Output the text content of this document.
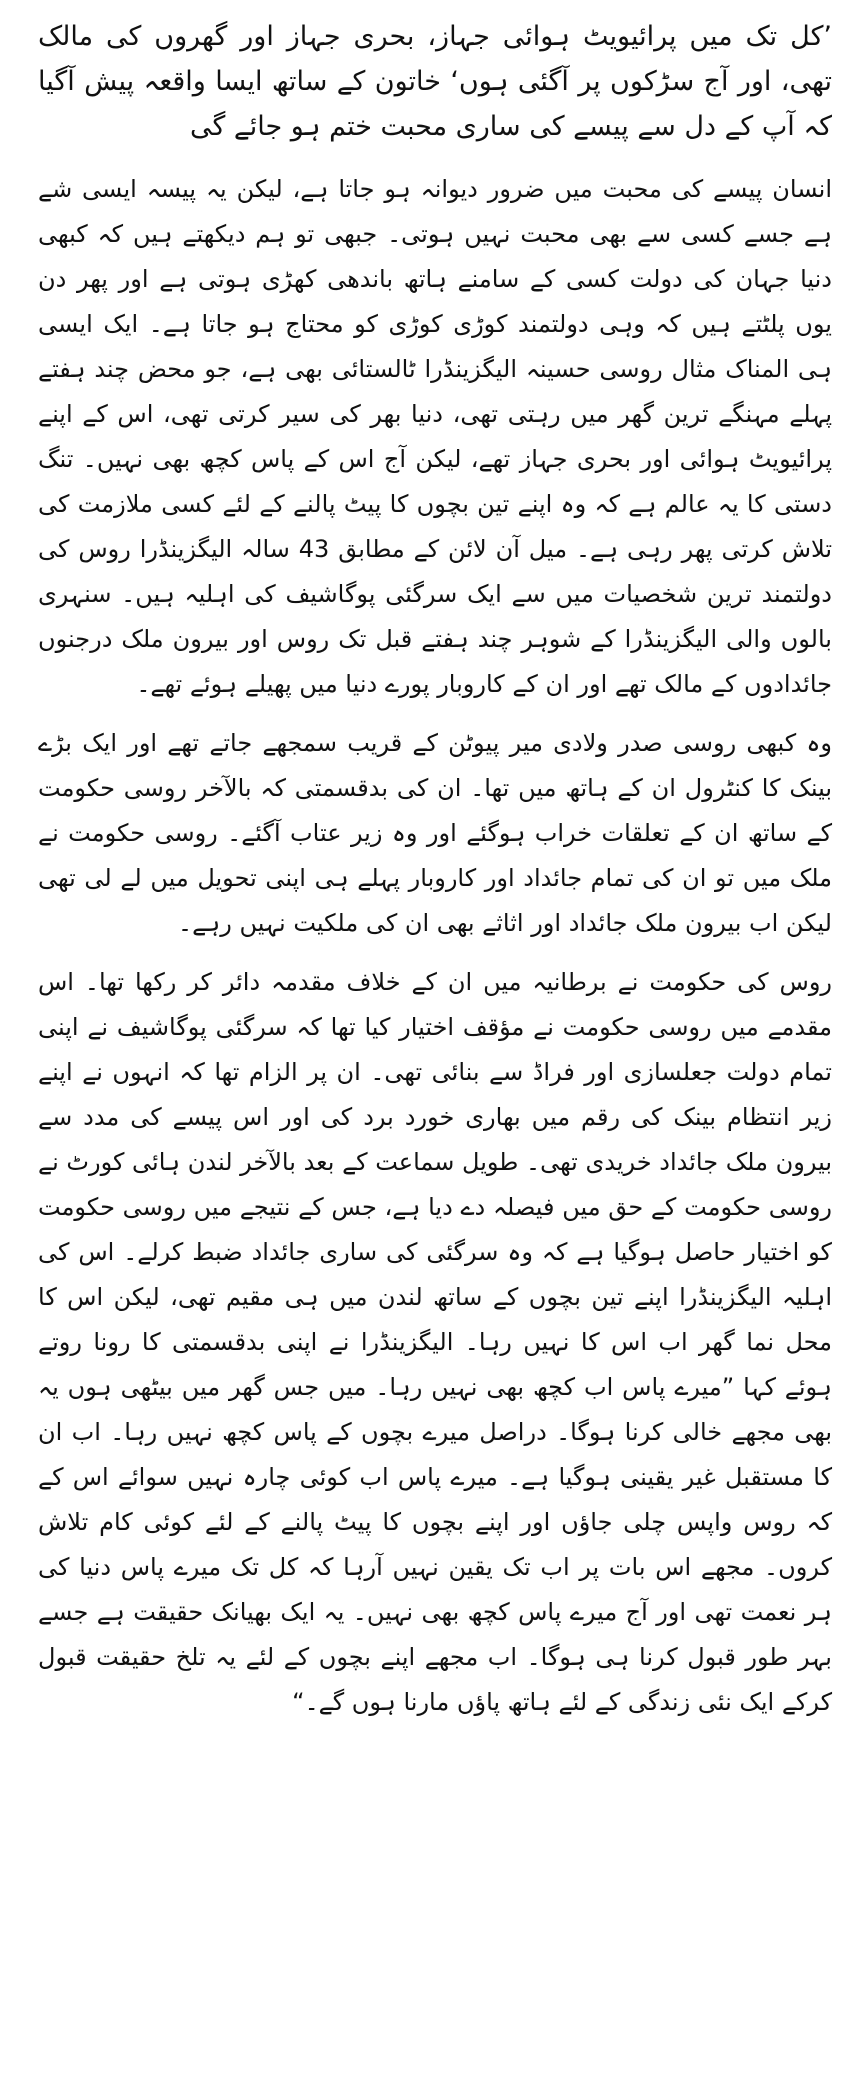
’کل تک میں پرائیویٹ ہوائی جہاز، بحری جہاز اور گھروں کی مالک تھی، اور آج سڑکوں پر آگئی ہوں‘ خاتون کے ساتھ ایسا واقعہ پیش آگیا کہ آپ کے دل سے پیسے کی ساری محبت ختم ہو جائے گی

انسان پیسے کی محبت میں ضرور دیوانہ ہو جاتا ہے، لیکن یہ پیسہ ایسی شے ہے جسے کسی سے بھی محبت نہیں ہوتی۔ جبھی تو ہم دیکھتے ہیں کہ کبھی دنیا جہان کی دولت کسی کے سامنے ہاتھ باندھی کھڑی ہوتی ہے اور پھر دن یوں پلٹتے ہیں کہ وہی دولتمند کوڑی کوڑی کو محتاج ہو جاتا ہے۔ ایک ایسی ہی المناک مثال روسی حسینہ الیگزینڈرا ٹالستائی بھی ہے، جو محض چند ہفتے پہلے مہنگے ترین گھر میں رہتی تھی، دنیا بھر کی سیر کرتی تھی، اس کے اپنے پرائیویٹ ہوائی اور بحری جہاز تھے، لیکن آج اس کے پاس کچھ بھی نہیں۔ تنگ دستی کا یہ عالم ہے کہ وہ اپنے تین بچوں کا پیٹ پالنے کے لئے کسی ملازمت کی تلاش کرتی پھر رہی ہے۔ میل آن لائن کے مطابق 43 سالہ الیگزینڈرا روس کی دولتمند ترین شخصیات میں سے ایک سرگئی پوگاشیف کی اہلیہ ہیں۔ سنہری بالوں والی الیگزینڈرا کے شوہر چند ہفتے قبل تک روس اور بیرون ملک درجنوں جائدادوں کے مالک تھے اور ان کے کاروبار پورے دنیا میں پھیلے ہوئے تھے۔

وہ کبھی روسی صدر ولادی میر پیوٹن کے قریب سمجھے جاتے تھے اور ایک بڑے بینک کا کنٹرول ان کے ہاتھ میں تھا۔ ان کی بدقسمتی کہ بالآخر روسی حکومت کے ساتھ ان کے تعلقات خراب ہوگئے اور وہ زیر عتاب آگئے۔ روسی حکومت نے ملک میں تو ان کی تمام جائداد اور کاروبار پہلے ہی اپنی تحویل میں لے لی تھی لیکن اب بیرون ملک جائداد اور اثاثے بھی ان کی ملکیت نہیں رہے۔

روس کی حکومت نے برطانیہ میں ان کے خلاف مقدمہ دائر کر رکھا تھا۔ اس مقدمے میں روسی حکومت نے مؤقف اختیار کیا تھا کہ سرگئی پوگاشیف نے اپنی تمام دولت جعلسازی اور فراڈ سے بنائی تھی۔ ان پر الزام تھا کہ انہوں نے اپنے زیر انتظام بینک کی رقم میں بھاری خورد برد کی اور اس پیسے کی مدد سے بیرون ملک جائداد خریدی تھی۔ طویل سماعت کے بعد بالآخر لندن ہائی کورٹ نے روسی حکومت کے حق میں فیصلہ دے دیا ہے، جس کے نتیجے میں روسی حکومت کو اختیار حاصل ہوگیا ہے کہ وہ سرگئی کی ساری جائداد ضبط کرلے۔ اس کی اہلیہ الیگزینڈرا اپنے تین بچوں کے ساتھ لندن میں ہی مقیم تھی، لیکن اس کا محل نما گھر اب اس کا نہیں رہا۔ الیگزینڈرا نے اپنی بدقسمتی کا رونا روتے ہوئے کہا ”میرے پاس اب کچھ بھی نہیں رہا۔ میں جس گھر میں بیٹھی ہوں یہ بھی مجھے خالی کرنا ہوگا۔ دراصل میرے بچوں کے پاس کچھ نہیں رہا۔ اب ان کا مستقبل غیر یقینی ہوگیا ہے۔ میرے پاس اب کوئی چارہ نہیں سوائے اس کے کہ روس واپس چلی جاؤں اور اپنے بچوں کا پیٹ پالنے کے لئے کوئی کام تلاش کروں۔ مجھے اس بات پر اب تک یقین نہیں آرہا کہ کل تک میرے پاس دنیا کی ہر نعمت تھی اور آج میرے پاس کچھ بھی نہیں۔ یہ ایک بھیانک حقیقت ہے جسے بہر طور قبول کرنا ہی ہوگا۔ اب مجھے اپنے بچوں کے لئے یہ تلخ حقیقت قبول کرکے ایک نئی زندگی کے لئے ہاتھ پاؤں مارنا ہوں گے۔“
